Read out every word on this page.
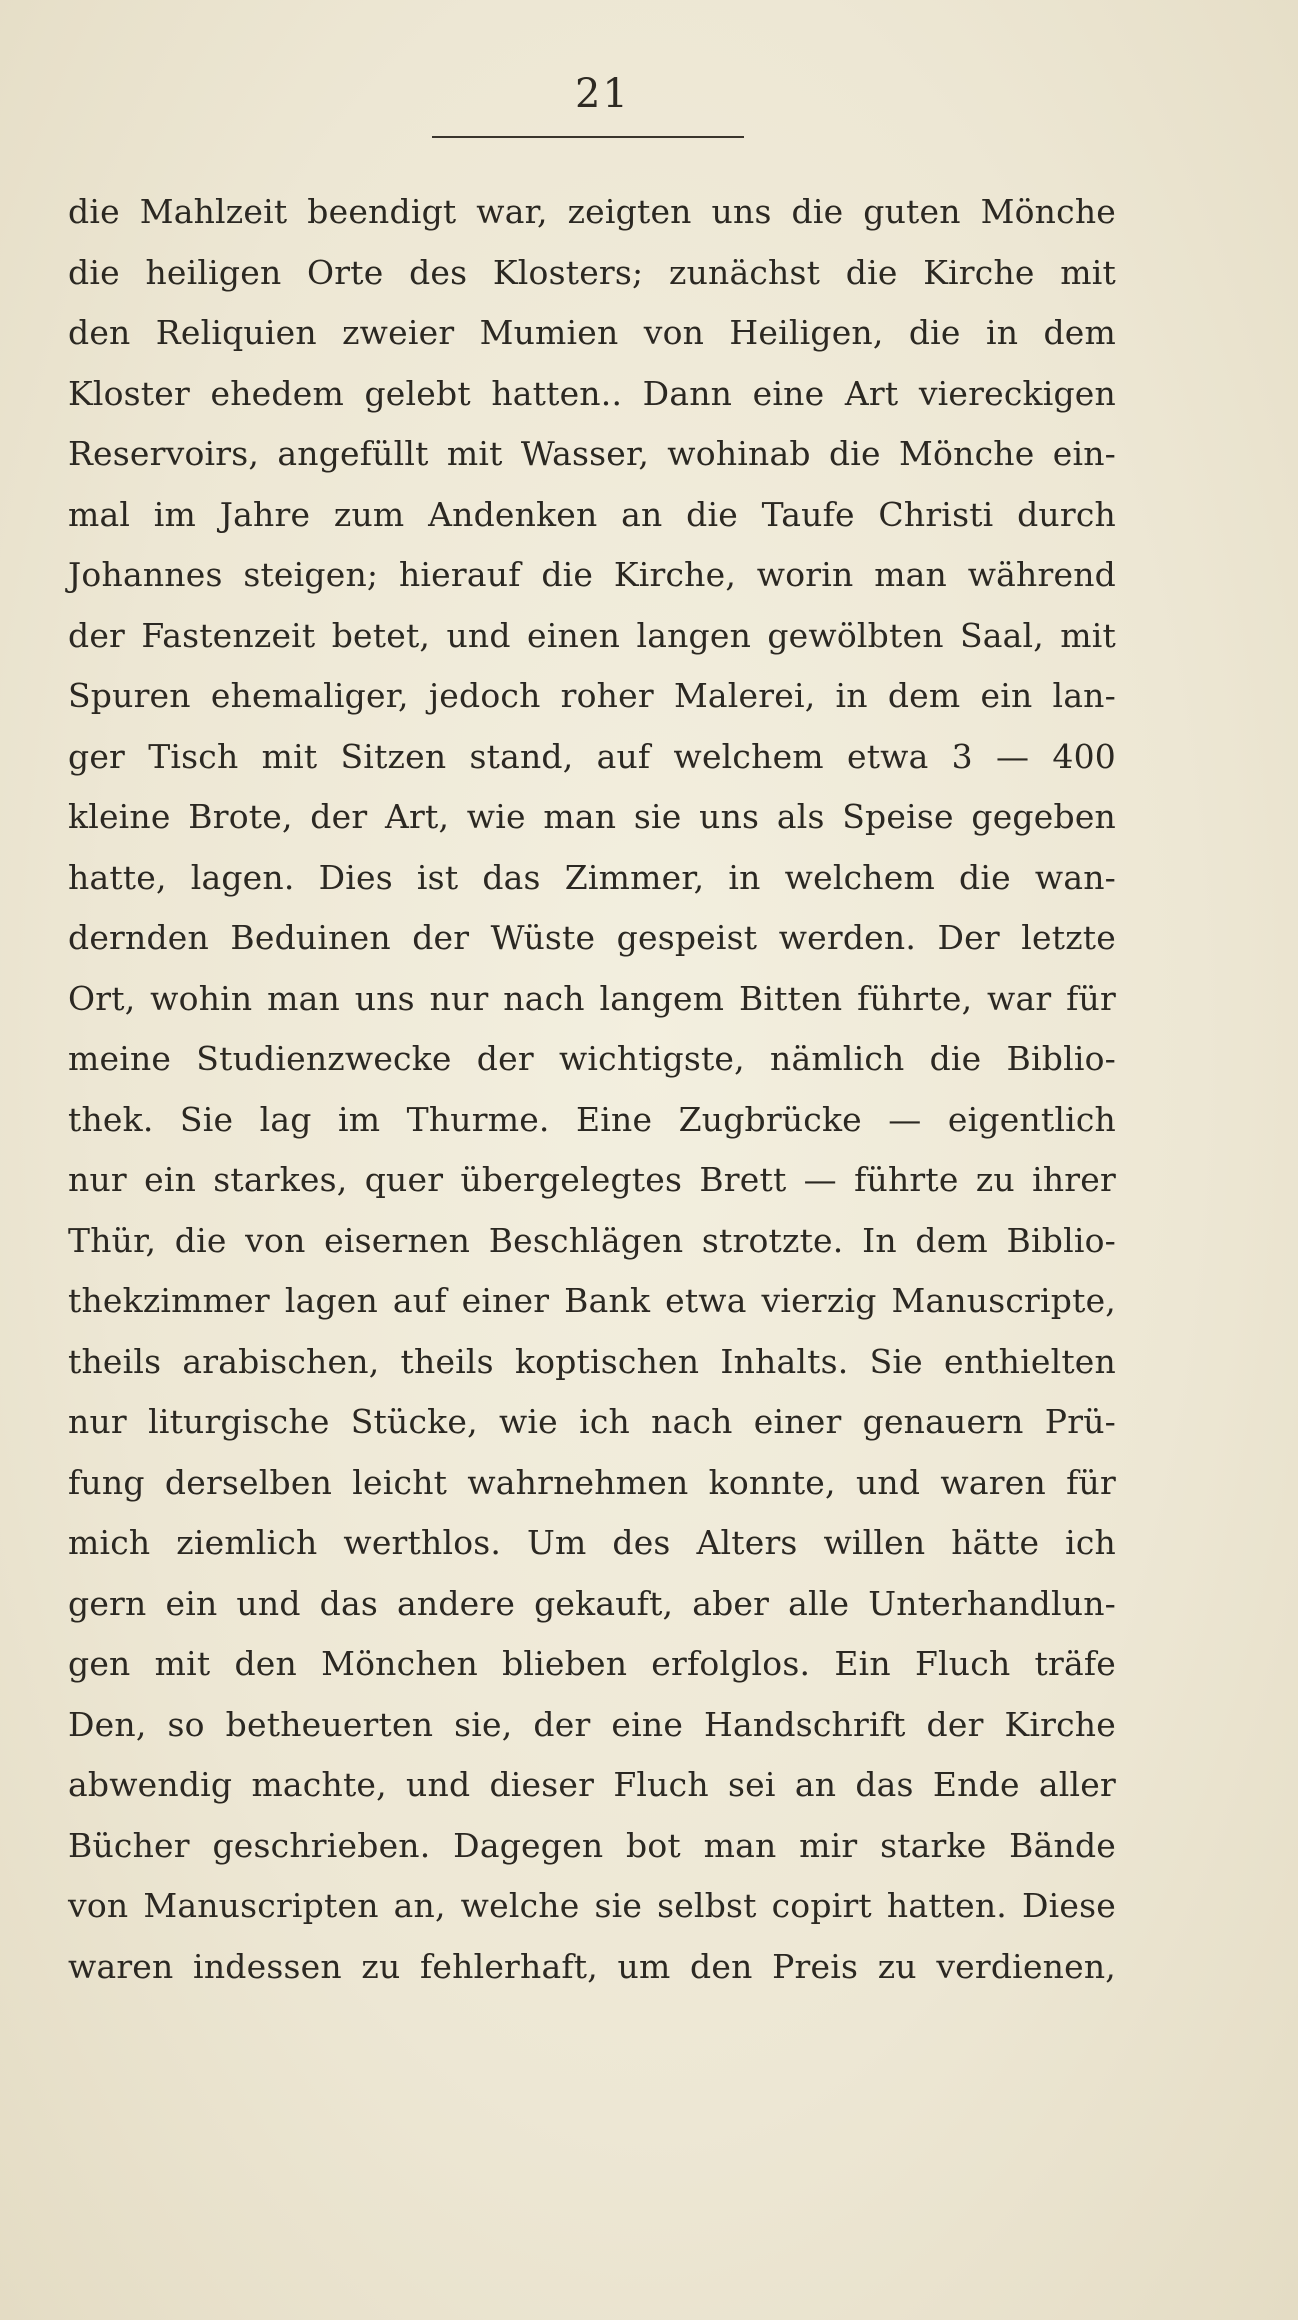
21
die Mahlzeit beendigt war, zeigten uns die guten Mönche
die heiligen Orte des Klosters; zunächst die Kirche mit
den Reliquien zweier Mumien von Heiligen, die in dem
Kloster ehedem gelebt hatten.. Dann eine Art viereckigen
Reservoirs, angefüllt mit Wasser, wohinab die Mönche ein-
mal im Jahre zum Andenken an die Taufe Christi durch
Johannes steigen; hierauf die Kirche, worin man während
der Fastenzeit betet, und einen langen gewölbten Saal, mit
Spuren ehemaliger, jedoch roher Malerei, in dem ein lan-
ger Tisch mit Sitzen stand, auf welchem etwa 3 — 400
kleine Brote, der Art, wie man sie uns als Speise gegeben
hatte, lagen. Dies ist das Zimmer, in welchem die wan-
dernden Beduinen der Wüste gespeist werden. Der letzte
Ort, wohin man uns nur nach langem Bitten führte, war für
meine Studienzwecke der wichtigste, nämlich die Biblio-
thek. Sie lag im Thurme. Eine Zugbrücke — eigentlich
nur ein starkes, quer übergelegtes Brett — führte zu ihrer
Thür, die von eisernen Beschlägen strotzte. In dem Biblio-
thekzimmer lagen auf einer Bank etwa vierzig Manuscripte,
theils arabischen, theils koptischen Inhalts. Sie enthielten
nur liturgische Stücke, wie ich nach einer genauern Prü-
fung derselben leicht wahrnehmen konnte, und waren für
mich ziemlich werthlos. Um des Alters willen hätte ich
gern ein und das andere gekauft, aber alle Unterhandlun-
gen mit den Mönchen blieben erfolglos. Ein Fluch träfe
Den, so betheuerten sie, der eine Handschrift der Kirche
abwendig machte, und dieser Fluch sei an das Ende aller
Bücher geschrieben. Dagegen bot man mir starke Bände
von Manuscripten an, welche sie selbst copirt hatten. Diese
waren indessen zu fehlerhaft, um den Preis zu verdienen,
